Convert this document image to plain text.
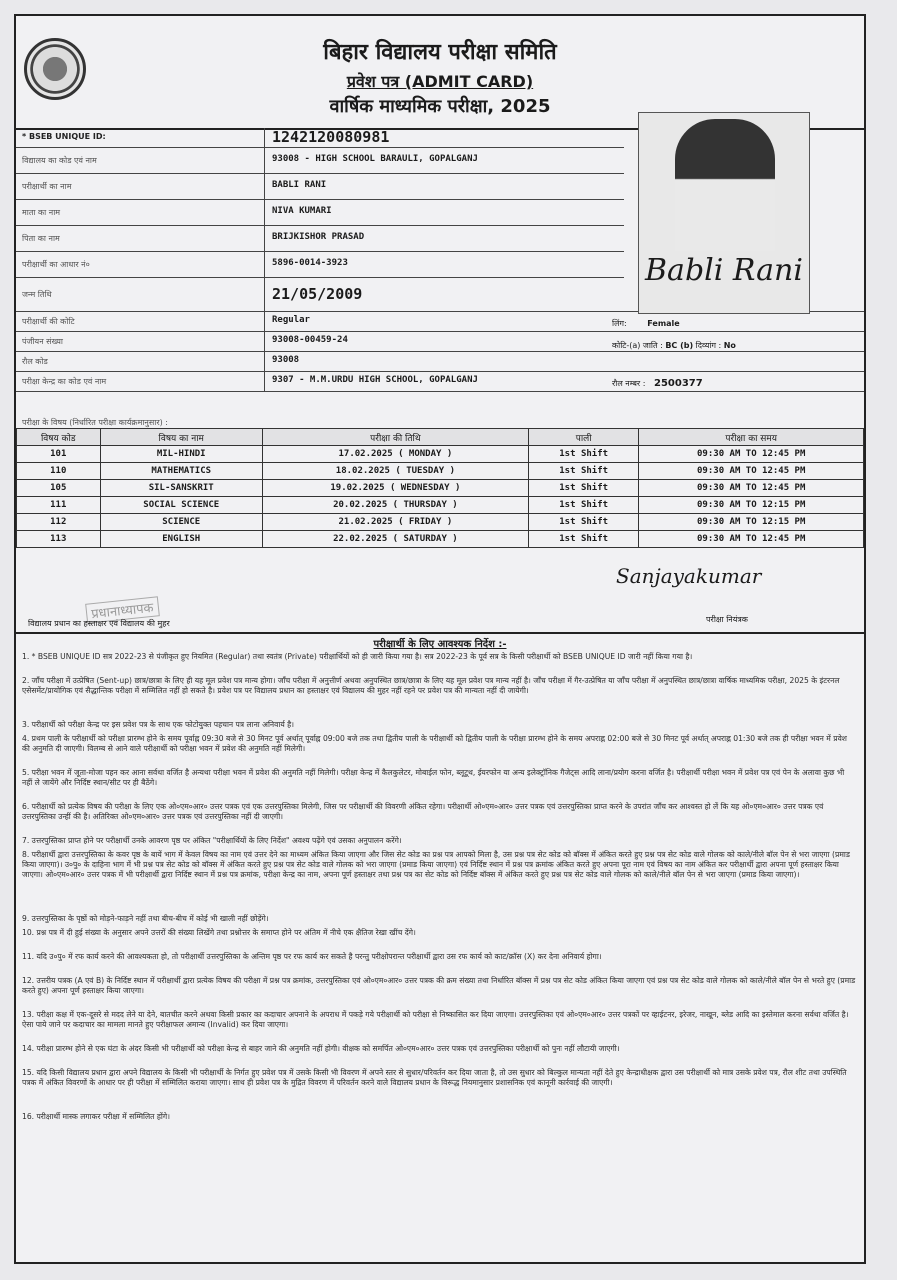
बिहार विद्यालय परीक्षा समिति
प्रवेश पत्र (ADMIT CARD)
वार्षिक माध्यमिक परीक्षा, 2025
* BSEB UNIQUE ID:	1242120080981
विद्यालय का कोड एवं नाम	93008 - HIGH SCHOOL BARAULI, GOPALGANJ
परीक्षार्थी का नाम	BABLI RANI
माता का नाम	NIVA KUMARI
पिता का नाम	BRIJKISHOR PRASAD
परीक्षार्थी का आधार नं०	5896-0014-3923
जन्म तिथि	21/05/2009
परीक्षार्थी की कोटि	Regular
पंजीयन संख्या	93008-00459-24
रौल कोड	93008
परीक्षा केन्द्र का कोड एवं नाम	9307 - M.M.URDU HIGH SCHOOL, GOPALGANJ
Babli Rani
लिंग:	Female
कोटि-(a) जाति : BC (b) दिव्यांग : No
रौल नम्बर : 2500377
परीक्षा के विषय (निर्धारित परीक्षा कार्यक्रमानुसार) :
विषय कोड	विषय का नाम	परीक्षा की तिथि	पाली	परीक्षा का समय
101	MIL-HINDI	17.02.2025 ( MONDAY )	1st Shift	09:30 AM TO 12:45 PM
110	MATHEMATICS	18.02.2025 ( TUESDAY )	1st Shift	09:30 AM TO 12:45 PM
105	SIL-SANSKRIT	19.02.2025 ( WEDNESDAY )	1st Shift	09:30 AM TO 12:45 PM
111	SOCIAL SCIENCE	20.02.2025 ( THURSDAY )	1st Shift	09:30 AM TO 12:15 PM
112	SCIENCE	21.02.2025 ( FRIDAY )	1st Shift	09:30 AM TO 12:15 PM
113	ENGLISH	22.02.2025 ( SATURDAY )	1st Shift	09:30 AM TO 12:45 PM
Sanjayakumar
परीक्षा नियंत्रक
प्रधानाध्यापक
विद्यालय प्रधान का हस्ताक्षर एवं विद्यालय की मुहर
परीक्षार्थी के लिए आवश्यक निर्देश :-
1. * BSEB UNIQUE ID सत्र 2022-23 से पंजीकृत हुए नियमित (Regular) तथा स्वतंत्र (Private) परीक्षार्थियों को ही जारी किया गया है। सत्र 2022-23 के पूर्व सत्र के किसी परीक्षार्थी को BSEB UNIQUE ID जारी नहीं किया गया है।
2. जाँच परीक्षा में उत्प्रेषित (Sent-up) छात्र/छात्रा के लिए ही यह मूल प्रवेश पत्र मान्य होगा। जाँच परीक्षा में अनुत्तीर्ण अथवा अनुपस्थित छात्र/छात्रा के लिए यह मूल प्रवेश पत्र मान्य नहीं है। जाँच परीक्षा में गैर-उत्प्रेषित या जाँच परीक्षा में अनुपस्थित छात्र/छात्रा वार्षिक माध्यमिक परीक्षा, 2025 के इंटरनल एसेसमेंट/प्रायोगिक एवं सैद्धान्तिक परीक्षा में सम्मिलित नहीं हो सकते है। प्रवेश पत्र पर विद्यालय प्रधान का हस्ताक्षर एवं विद्यालय की मुहर नहीं रहने पर प्रवेश पत्र की मान्यता नहीं दी जायेगी।
3. परीक्षार्थी को परीक्षा केन्द्र पर इस प्रवेश पत्र के साथ एक फोटोयुक्त पहचान पत्र लाना अनिवार्य है।
4. प्रथम पाली के परीक्षार्थी को परीक्षा प्रारम्भ होने के समय पूर्वाह्न 09:30 बजे से 30 मिनट पूर्व अर्थात् पूर्वाह्न 09:00 बजे तक तथा द्वितीय पाली के परीक्षार्थी को द्वितीय पाली के परीक्षा प्रारम्भ होने के समय अपराह्न 02:00 बजे से 30 मिनट पूर्व अर्थात् अपराह्न 01:30 बजे तक ही परीक्षा भवन में प्रवेश की अनुमति दी जाएगी। विलम्ब से आने वाले परीक्षार्थी को परीक्षा भवन में प्रवेश की अनुमति नहीं मिलेगी।
5. परीक्षा भवन में जूता-मोजा पहन कर आना सर्वथा वर्जित है अन्यथा परीक्षा भवन में प्रवेश की अनुमति नहीं मिलेगी। परीक्षा केन्द्र में कैलकुलेटर, मोबाईल फोन, ब्लूटूथ, ईयरफोन या अन्य इलेक्ट्रॉनिक गैजेट्स आदि लाना/प्रयोग करना वर्जित है। परीक्षार्थी परीक्षा भवन में प्रवेश पत्र एवं पेन के अलावा कुछ भी नहीं ले जायेंगे और निर्दिष्ट स्थान/सीट पर ही बैठेंगे।
6. परीक्षार्थी को प्रत्येक विषय की परीक्षा के लिए एक ओ०एम०आर० उत्तर पत्रक एवं एक उत्तरपुस्तिका मिलेगी, जिस पर परीक्षार्थी की विवरणी अंकित रहेगा। परीक्षार्थी ओ०एम०आर० उत्तर पत्रक एवं उत्तरपुस्तिका प्राप्त करने के उपरांत जाँच कर आश्वस्त हो लें कि यह ओ०एम०आर० उत्तर पत्रक एवं उत्तरपुस्तिका उन्हीं की है। अतिरिक्त ओ०एम०आर० उत्तर पत्रक एवं उत्तरपुस्तिका नहीं दी जाएगी।
7. उत्तरपुस्तिका प्राप्त होने पर परीक्षार्थी उनके आवरण पृष्ठ पर अंकित "परीक्षार्थियों के लिए निर्देश" अवश्य पढ़ेंगे एवं उसका अनुपालन करेंगे।
8. परीक्षार्थी द्वारा उत्तरपुस्तिका के कवर पृष्ठ के बायें भाग में केवल विषय का नाम एवं उत्तर देने का माध्यम अंकित किया जाएगा और जिस सेट कोड का प्रश्न पत्र आपको मिला है, उस प्रश्न पत्र सेट कोड को बॉक्स में अंकित करते हुए प्रश्न पत्र सेट कोड वाले गोलक को काले/नीले बॉल पेन से भरा जाएगा (प्रमाड किया जाएगा)। उ०पु० के दाहिना भाग में भी प्रश्न पत्र सेट कोड को बॉक्स में अंकित करते हुए प्रश्न पत्र सेट कोड वाले गोलक को भरा जाएगा (प्रमाड किया जाएगा) एवं निर्दिष्ट स्थान में प्रश्न पत्र क्रमांक अंकित करते हुए अपना पूरा नाम एवं विषय का नाम अंकित कर परीक्षार्थी द्वारा अपना पूर्ण हस्ताक्षर किया जाएगा। ओ०एम०आर० उत्तर पत्रक में भी परीक्षार्थी द्वारा निर्दिष्ट स्थान में प्रश्न पत्र क्रमांक, परीक्षा केन्द्र का नाम, अपना पूर्ण हस्ताक्षर तथा प्रश्न पत्र का सेट कोड को निर्दिष्ट बॉक्स में अंकित करते हुए प्रश्न पत्र सेट कोड वाले गोलक को काले/नीले बॉल पेन से भरा जाएगा (प्रमाड किया जाएगा)।
9. उत्तरपुस्तिका के पृष्ठों को मोड़ने-फाड़ने नहीं तथा बीच-बीच में कोई भी खाली नहीं छोड़ेंगे।
10. प्रश्न पत्र में दी हुई संख्या के अनुसार अपने उत्तरों की संख्या लिखेंगे तथा प्रश्नोत्तर के समाप्त होने पर अंतिम में नीचे एक क्षैतिज रेखा खींच देंगे।
11. यदि उ०पु० में रफ कार्य करने की आवश्यकता हो, तो परीक्षार्थी उत्तरपुस्तिका के अन्तिम पृष्ठ पर रफ कार्य कर सकते है परन्तु परीक्षोपरान्त परीक्षार्थी द्वारा उस रफ कार्य को काट/क्रॉस (X) कर देना अनिवार्य होगा।
12. उत्तरीय पत्रक (A एवं B) के निर्दिष्ट स्थान में परीक्षार्थी द्वारा प्रत्येक विषय की परीक्षा में प्रश्न पत्र क्रमांक, उत्तरपुस्तिका एवं ओ०एम०आर० उत्तर पत्रक की क्रम संख्या तथा निर्धारित बॉक्स में प्रश्न पत्र सेट कोड अंकित किया जाएगा एवं प्रश्न पत्र सेट कोड वाले गोलक को काले/नीले बॉल पेन से भरते हुए (प्रमाड करते हुए) अपना पूर्ण हस्ताक्षर किया जाएगा।
13. परीक्षा कक्ष में एक-दूसरे से मदद लेने या देने, बातचीत करने अथवा किसी प्रकार का कदाचार अपनाने के अपराध में पकड़े गये परीक्षार्थी को परीक्षा से निष्कासित कर दिया जाएगा। उत्तरपुस्तिका एवं ओ०एम०आर० उत्तर पत्रकों पर व्हाईटनर, इरेजर, नाखून, ब्लेड आदि का इस्तेमाल करना सर्वथा वर्जित है। ऐसा पाये जाने पर कदाचार का मामला मानते हुए परीक्षाफल अमान्य (Invalid) कर दिया जाएगा।
14. परीक्षा प्रारम्भ होने से एक घंटा के अंदर किसी भी परीक्षार्थी को परीक्षा केन्द्र से बाहर जाने की अनुमति नहीं होगी। वीक्षक को समर्पित ओ०एम०आर० उत्तर पत्रक एवं उत्तरपुस्तिका परीक्षार्थी को पुनः नहीं लौटायी जाएगी।
15. यदि किसी विद्यालय प्रधान द्वारा अपने विद्यालय के किसी भी परीक्षार्थी के निर्गत हुए प्रवेश पत्र में उसके किसी भी विवरण में अपने स्तर से सुधार/परिवर्तन कर दिया जाता है, तो उस सुधार को बिल्कुल मान्यता नहीं देते हुए केन्द्राधीक्षक द्वारा उस परीक्षार्थी को मात्र उसके प्रवेश पत्र, रौल शीट तथा उपस्थिति पत्रक में अंकित विवरणों के आधार पर ही परीक्षा में सम्मिलित कराया जाएगा। साथ ही प्रवेश पत्र के मुद्रित विवरण में परिवर्तन करने वाले विद्यालय प्रधान के विरूद्ध नियमानुसार प्रशासनिक एवं कानूनी कार्रवाई की जाएगी।
16. परीक्षार्थी मास्क लगाकर परीक्षा में सम्मिलित होंगे।
